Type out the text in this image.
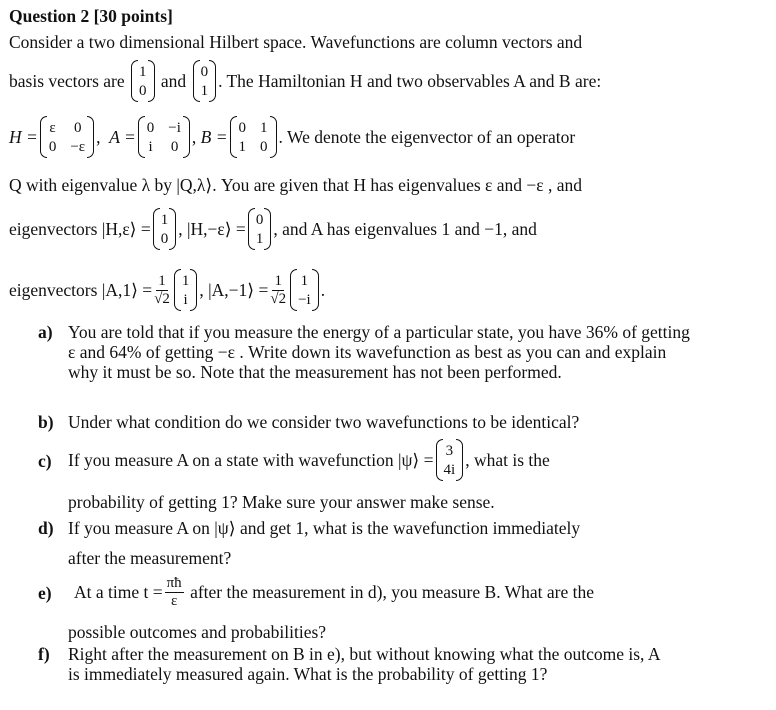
Question 2 [30 points]
Consider a two dimensional Hilbert space. Wavefunctions are column vectors and
basis vectors are
1
0

and
0
1
. The Hamiltonian H and two observables A and B are:
H = ε 0
0 −ε
, A = 0 −i
i 0
, B = 0 1
1 0
. We denote the eigenvector of an operator
Q with eigenvalue λ by |Q,λ⟩. You are given that H has eigenvalues ε and −ε , and
eigenvectors
|H,ε⟩ = 1
0
, |H,−ε⟩ = 0
1
, and A has eigenvalues 1 and −1, and
eigenvectors
|A,1⟩ = $\frac{1}{√2} 1$
i
, |A,−1⟩ = $\frac{1}{√2} 1$
−i
.
a) You are told that if you measure the energy of a particular state, you have 36% of getting ε and 64% of getting −ε . Write down its wavefunction as best as you can and explain why it must be so. Note that the measurement has not been performed.
b) Under what condition do we consider two wavefunctions to be identical?
c) If you measure A on a state with wavefunction |ψ⟩ = 3
4i
, what is the
probability of getting 1? Make sure your answer make sense.
d) If you measure A on |ψ⟩ and get 1, what is the wavefunction immediately
after the measurement?
e) At a time $t = \frac{\pi ħ}{\varepsilon}$
after the measurement in d), you measure B. What are the
possible outcomes and probabilities?
f) Right after the measurement on B in e), but without knowing what the outcome is, A is immediately measured again. What is the probability of getting 1?
